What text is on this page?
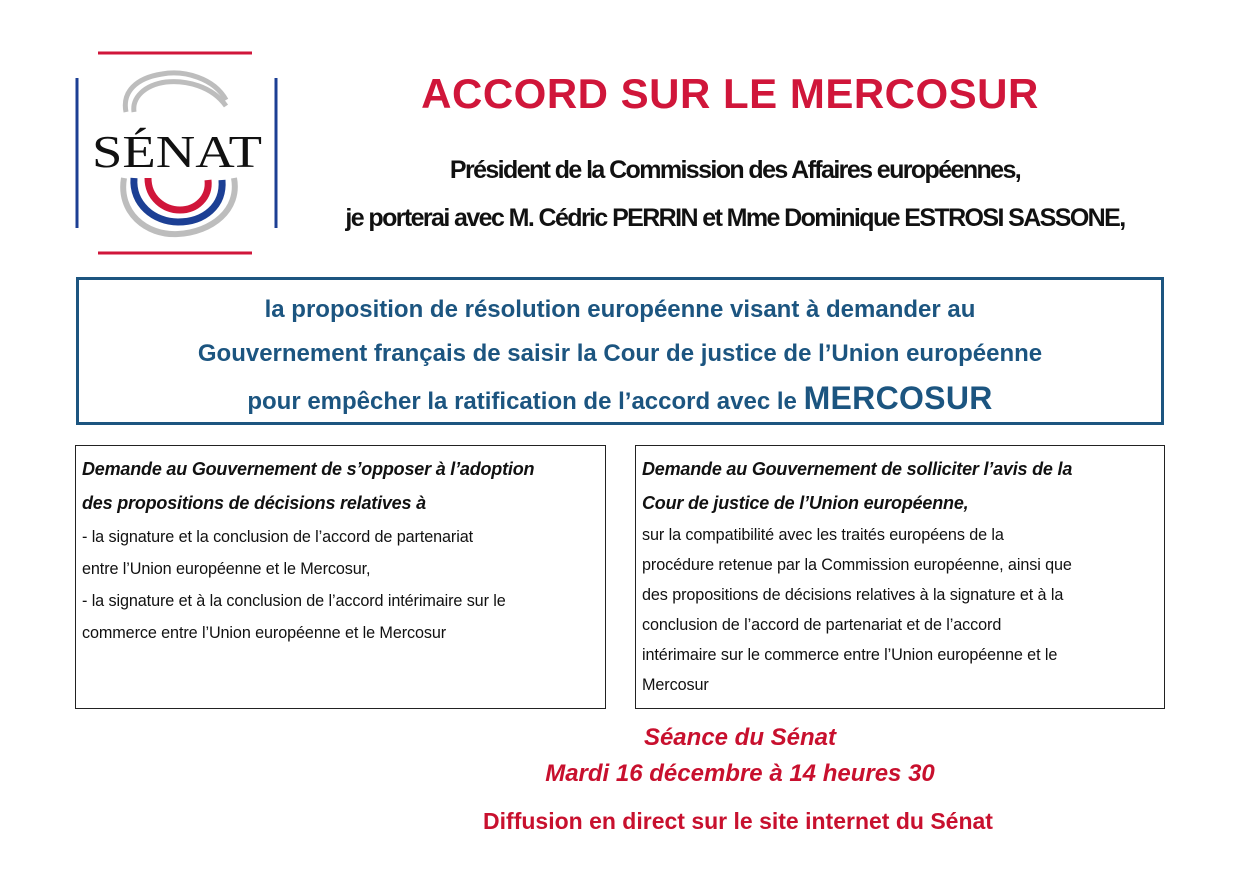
SÉNAT
ACCORD SUR LE MERCOSUR
Président de la Commission des Affaires européennes,
je porterai avec M. Cédric PERRIN et Mme Dominique ESTROSI SASSONE,
la proposition de résolution européenne visant à demander au
Gouvernement français de saisir la Cour de justice de l’Union européenne
pour empêcher la ratification de l’accord avec le MERCOSUR
Demande au Gouvernement de s’opposer à l’adoption
des propositions de décisions relatives à
- la signature et la conclusion de l’accord de partenariat
entre l’Union européenne et le Mercosur,
- la signature et à la conclusion de l’accord intérimaire sur le
commerce entre l’Union européenne et le Mercosur
Demande au Gouvernement de solliciter l’avis de la
Cour de justice de l’Union européenne,
sur la compatibilité avec les traités européens de la
procédure retenue par la Commission européenne, ainsi que
des propositions de décisions relatives à la signature et à la
conclusion de l’accord de partenariat et de l’accord
intérimaire sur le commerce entre l’Union européenne et le
Mercosur
Séance du Sénat
Mardi 16 décembre à 14 heures 30
Diffusion en direct sur le site internet du Sénat
